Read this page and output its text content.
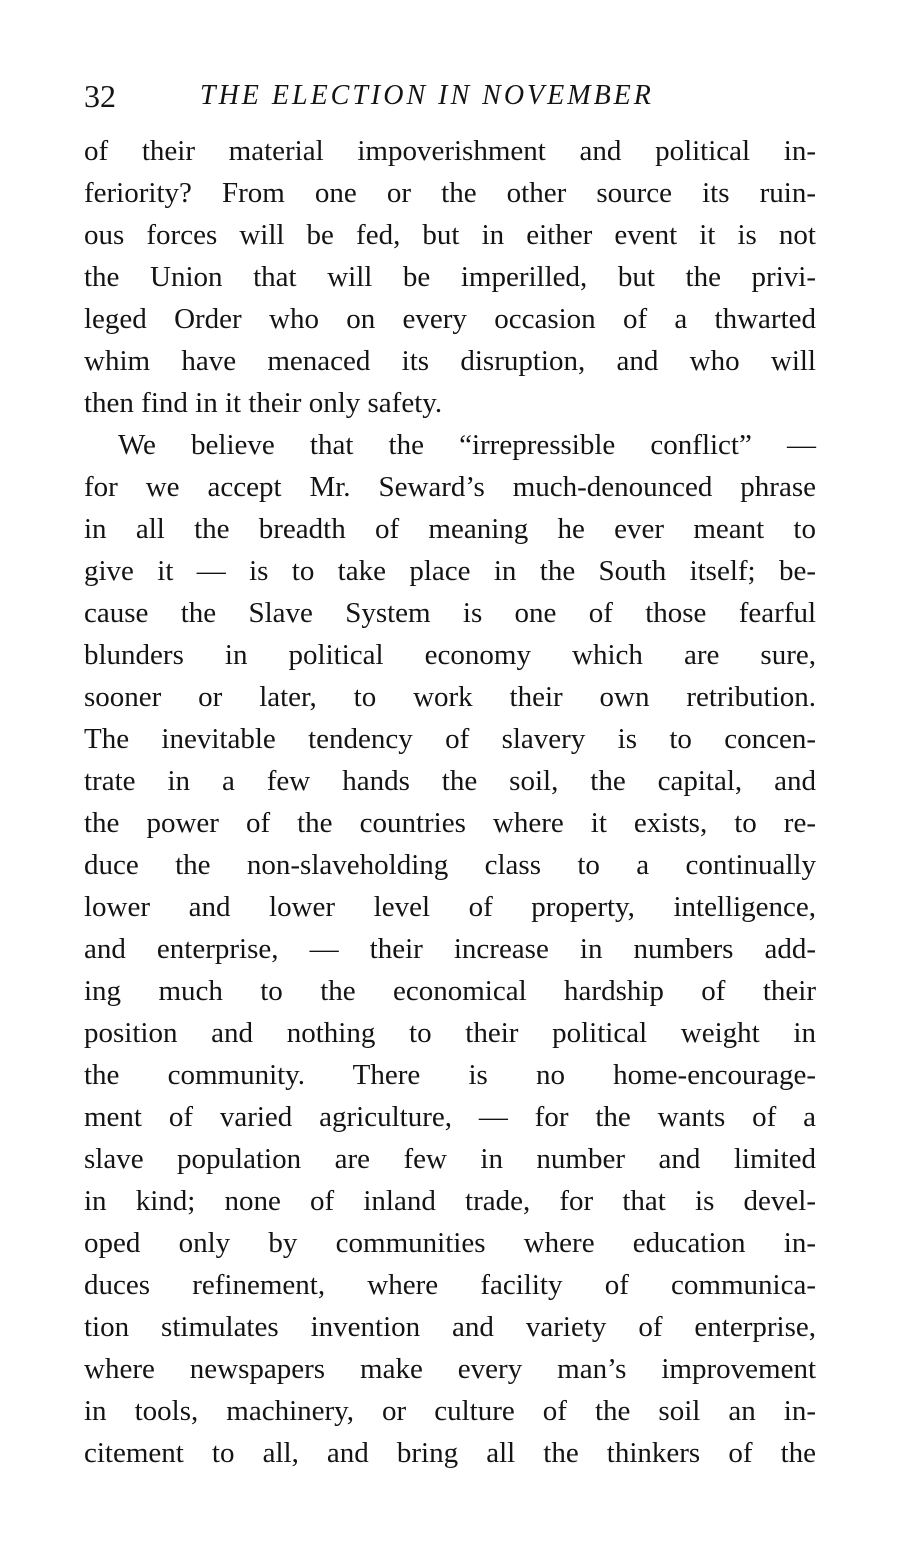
32	THE ELECTION IN NOVEMBER
of their material impoverishment and political in-
feriority? From one or the other source its ruin-
ous forces will be fed, but in either event it is not
the Union that will be imperilled, but the privi-
leged Order who on every occasion of a thwarted
whim have menaced its disruption, and who will
then find in it their only safety.
We believe that the “irrepressible conflict” —
for we accept Mr. Seward’s much-denounced phrase
in all the breadth of meaning he ever meant to
give it — is to take place in the South itself; be-
cause the Slave System is one of those fearful
blunders in political economy which are sure,
sooner or later, to work their own retribution.
The inevitable tendency of slavery is to concen-
trate in a few hands the soil, the capital, and
the power of the countries where it exists, to re-
duce the non-slaveholding class to a continually
lower and lower level of property, intelligence,
and enterprise, — their increase in numbers add-
ing much to the economical hardship of their
position and nothing to their political weight in
the community. There is no home-encourage-
ment of varied agriculture, — for the wants of a
slave population are few in number and limited
in kind; none of inland trade, for that is devel-
oped only by communities where education in-
duces refinement, where facility of communica-
tion stimulates invention and variety of enterprise,
where newspapers make every man’s improvement
in tools, machinery, or culture of the soil an in-
citement to all, and bring all the thinkers of the
